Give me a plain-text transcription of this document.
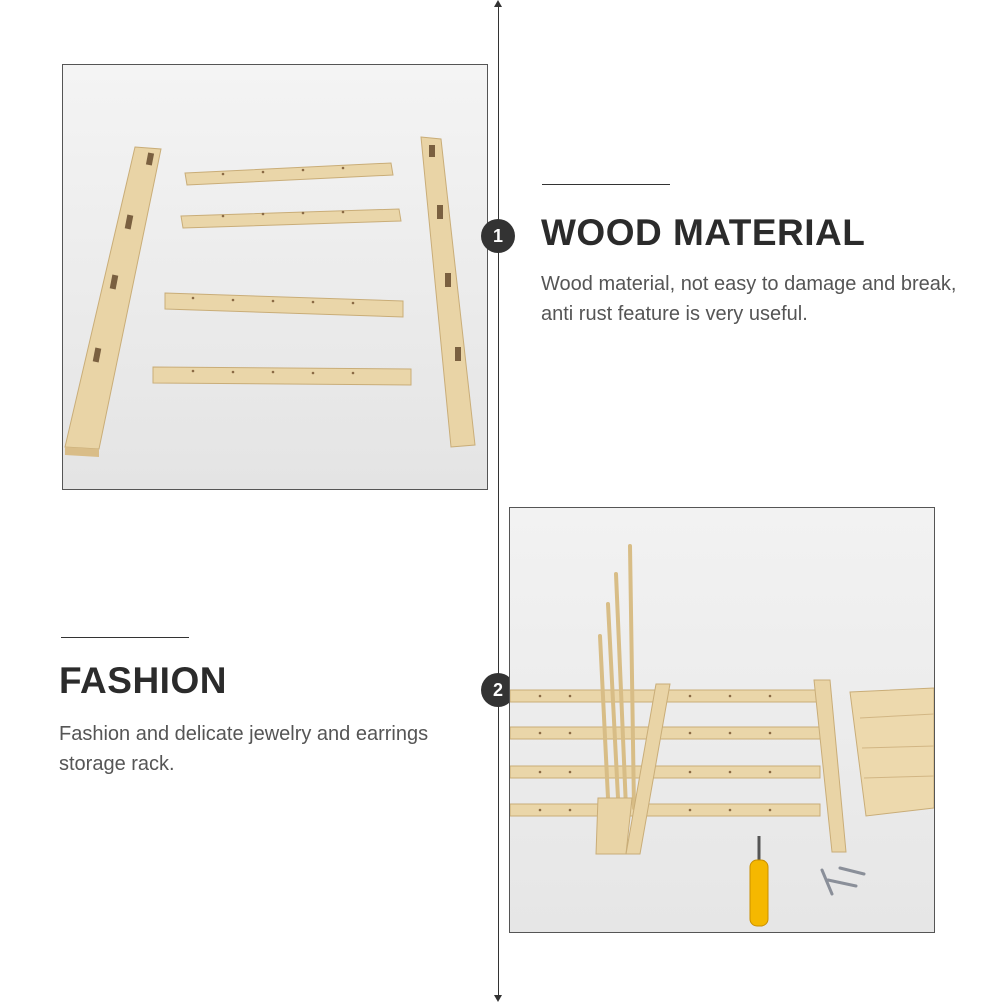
1	WOOD MATERIAL
Wood material, not easy to damage and break, anti rust feature is very useful.
FASHION
Fashion and delicate jewelry and earrings storage rack.
2
